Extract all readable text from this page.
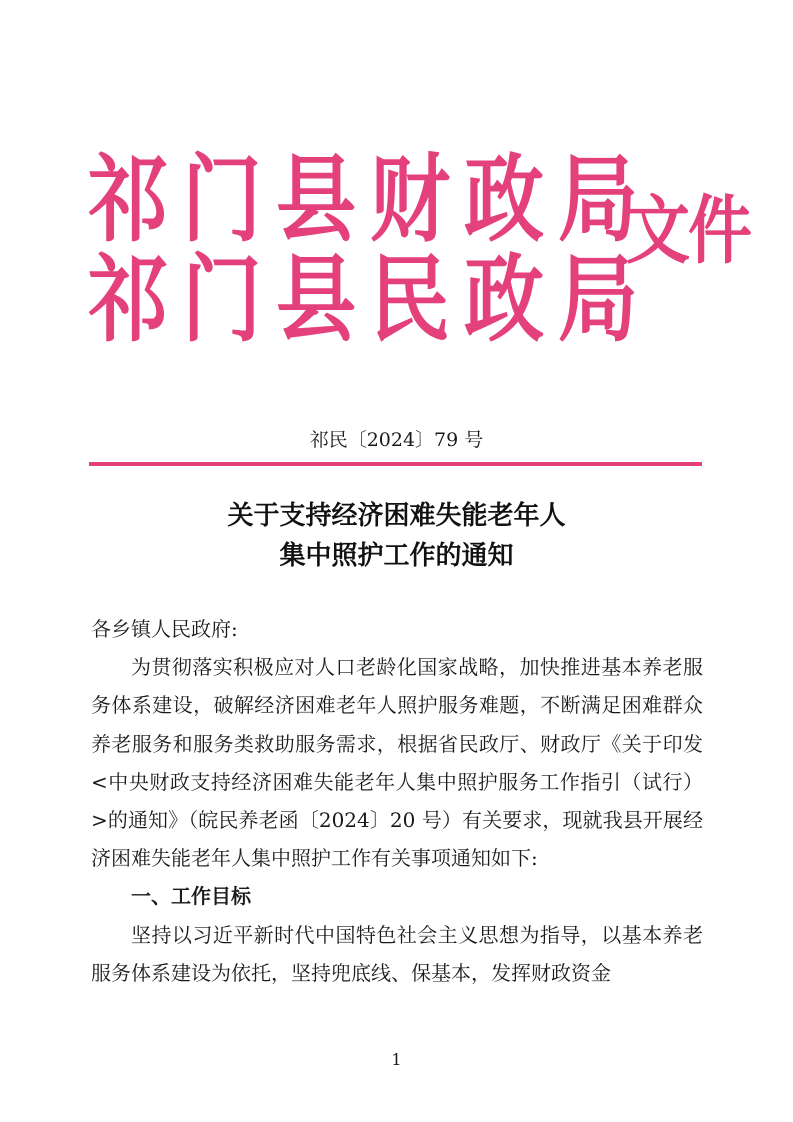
祁 门 县 财 政 局
祁 门 县 民 政 局
文件
祁民〔2024〕79 号
关于支持经济困难失能老年人
集中照护工作的通知

各乡镇人民政府:

为贯彻落实积极应对人口老龄化国家战略，加快推进基本养老服务体系建设，破解经济困难老年人照护服务难题，不断满足困难群众养老服务和服务类救助服务需求，根据省民政厅、财政厅《关于印发<中央财政支持经济困难失能老年人集中照护服务工作指引（试行）>的通知》（皖民养老函〔2024〕20 号）有关要求，现就我县开展经济困难失能老年人集中照护工作有关事项通知如下:

一、工作目标

坚持以习近平新时代中国特色社会主义思想为指导，以基本养老服务体系建设为依托，坚持兜底线、保基本，发挥财政资金

1
